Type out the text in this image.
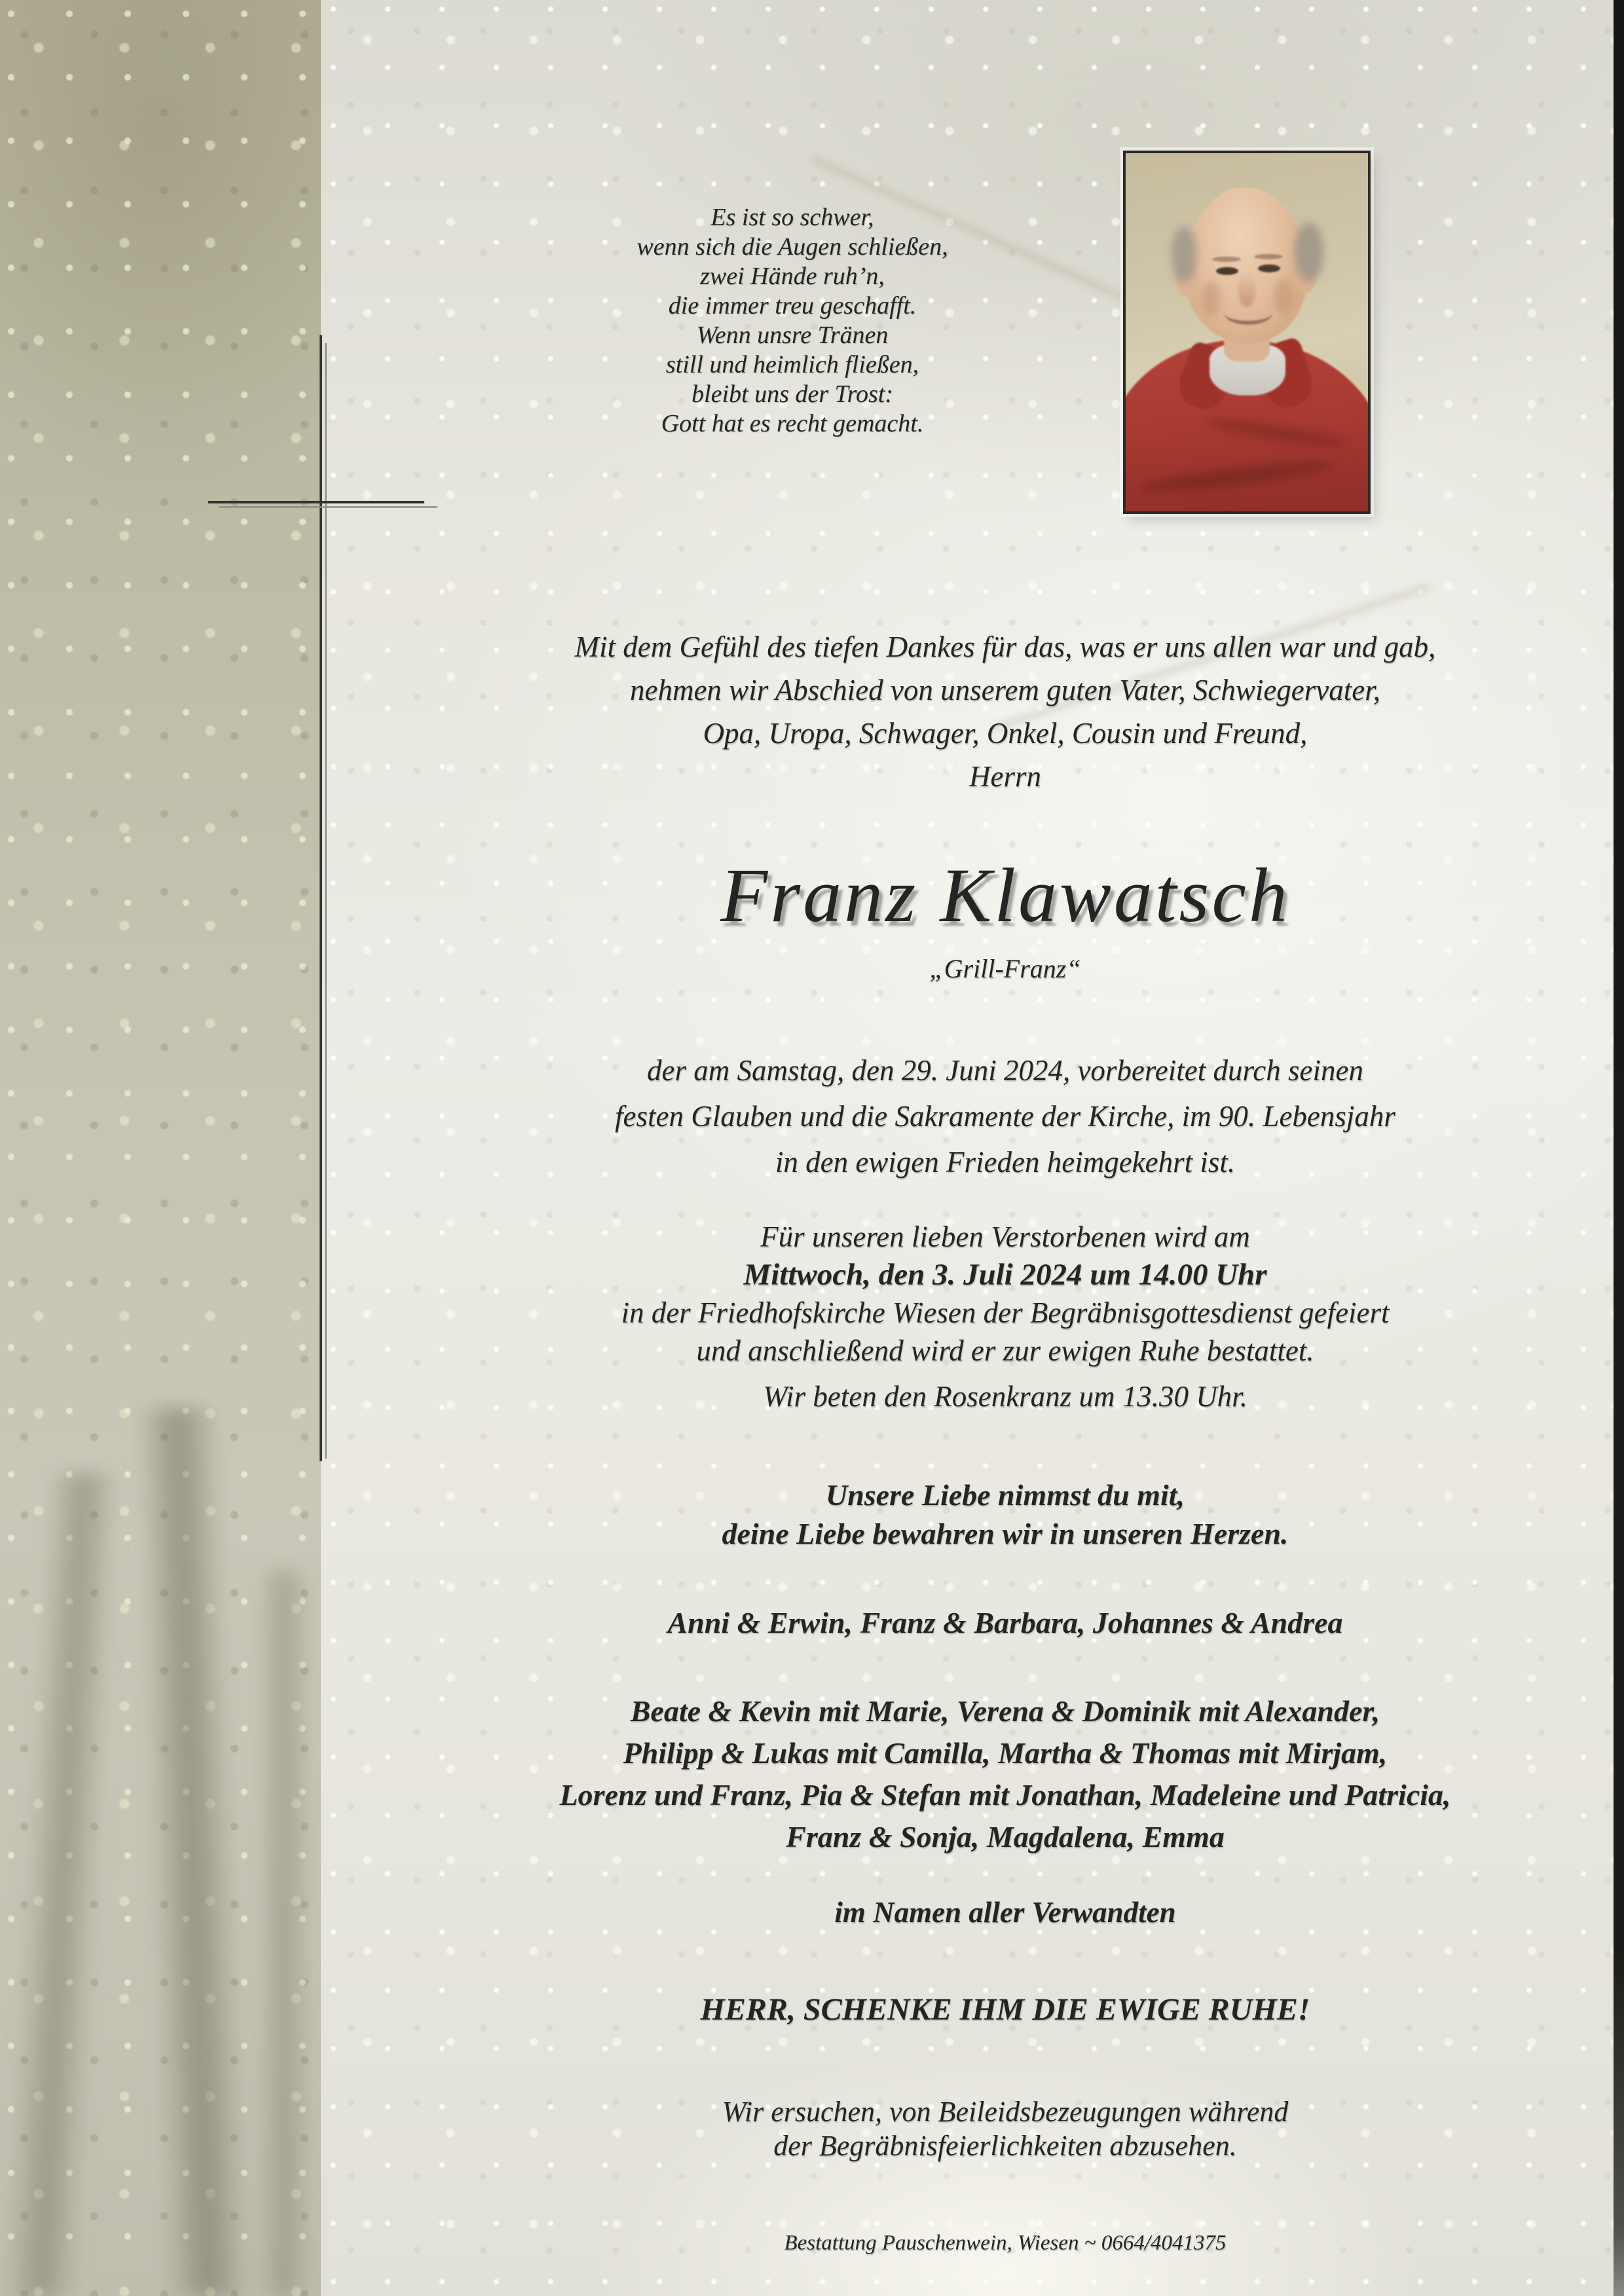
Es ist so schwer,
wenn sich die Augen schließen,
zwei Hände ruh’n,
die immer treu geschafft.
Wenn unsre Tränen
still und heimlich fließen,
bleibt uns der Trost:
Gott hat es recht gemacht.
Mit dem Gefühl des tiefen Dankes für das, was er uns allen war und gab,
nehmen wir Abschied von unserem guten Vater, Schwiegervater,
Opa, Uropa, Schwager, Onkel, Cousin und Freund,
Herrn
Franz Klawatsch
„Grill-Franz“
der am Samstag, den 29. Juni 2024, vorbereitet durch seinen
festen Glauben und die Sakramente der Kirche, im 90. Lebensjahr
in den ewigen Frieden heimgekehrt ist.
Für unseren lieben Verstorbenen wird am
Mittwoch, den 3. Juli 2024 um 14.00 Uhr
in der Friedhofskirche Wiesen der Begräbnisgottesdienst gefeiert
und anschließend wird er zur ewigen Ruhe bestattet.
Wir beten den Rosenkranz um 13.30 Uhr.
Unsere Liebe nimmst du mit,
deine Liebe bewahren wir in unseren Herzen.
Anni & Erwin, Franz & Barbara, Johannes & Andrea
Beate & Kevin mit Marie, Verena & Dominik mit Alexander,
Philipp & Lukas mit Camilla, Martha & Thomas mit Mirjam,
Lorenz und Franz, Pia & Stefan mit Jonathan, Madeleine und Patricia,
Franz & Sonja, Magdalena, Emma
im Namen aller Verwandten
HERR, SCHENKE IHM DIE EWIGE RUHE!
Wir ersuchen, von Beileidsbezeugungen während
der Begräbnisfeierlichkeiten abzusehen.
Bestattung Pauschenwein, Wiesen ~ 0664/4041375
